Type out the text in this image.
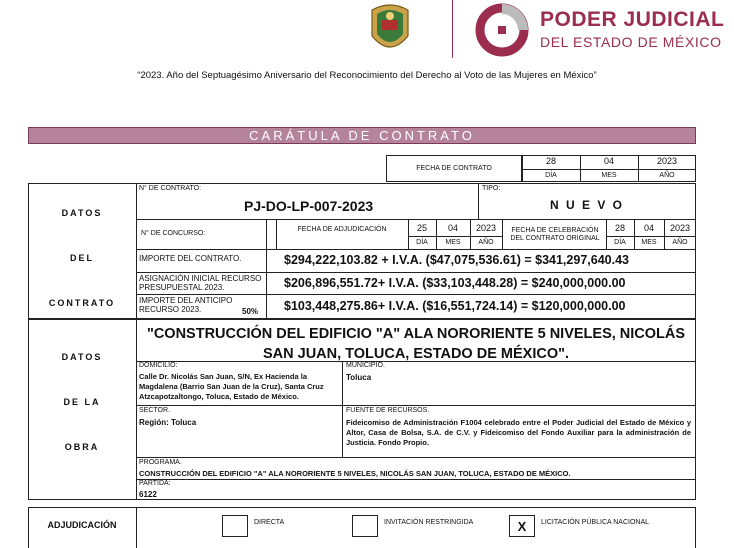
PODER JUDICIAL
DEL ESTADO DE MÉXICO
“2023. Año del Septuagésimo Aniversario del Reconocimiento del Derecho al Voto de las Mujeres en México”
CARÁTULA DE CONTRATO
FECHA DE CONTRATO
28	04	2023
DÍA	MES	AÑO
DATOS
DEL
CONTRATO
N° DE CONTRATO:
PJ-DO-LP-007-2023
TIPO:
N U E V O
N° DE CONCURSO:
FECHA DE ADJUDICACIÓN	25	04	2023
DÍA	MES	AÑO
FECHA DE CELEBRACIÓN DEL CONTRATO ORIGINAL
28	04	2023
DÍA	MES	AÑO
IMPORTE DEL CONTRATO.	$294,222,103.82 + I.V.A. ($47,075,536.61) = $341,297,640.43
ASIGNACIÓN INICIAL RECURSO PRESUPUESTAL 2023.	$206,896,551.72+ I.V.A. ($33,103,448.28) = $240,000,000.00
IMPORTE DEL ANTICIPO RECURSO 2023.	50% $103,448,275.86+ I.V.A. ($16,551,724.14) = $120,000,000.00
DATOS
DE LA
OBRA
"CONSTRUCCIÓN DEL EDIFICIO "A" ALA NORORIENTE 5 NIVELES, NICOLÁS SAN JUAN, TOLUCA, ESTADO DE MÉXICO".
DOMICILIO:
Calle Dr. Nicolás San Juan, S/N, Ex Hacienda la Magdalena (Barrio San Juan de la Cruz), Santa Cruz Atzcapotzaltongo, Toluca, Estado de México.
MUNICIPIO.
Toluca
SECTOR.
Región: Toluca
FUENTE DE RECURSOS.
Fideicomiso de Administración F1004 celebrado entre el Poder Judicial del Estado de México y Altor, Casa de Bolsa, S.A. de C.V. y Fideicomiso del Fondo Auxiliar para la administración de Justicia. Fondo Propio.
PROGRAMA.
CONSTRUCCIÓN DEL EDIFICIO "A" ALA NORORIENTE 5 NIVELES, NICOLÁS SAN JUAN, TOLUCA, ESTADO DE MÉXICO.
PARTIDA:
6122
ADJUDICACIÓN	DIRECTA	INVITACIÓN RESTRINGIDA	X	LICITACIÓN PÚBLICA NACIONAL
